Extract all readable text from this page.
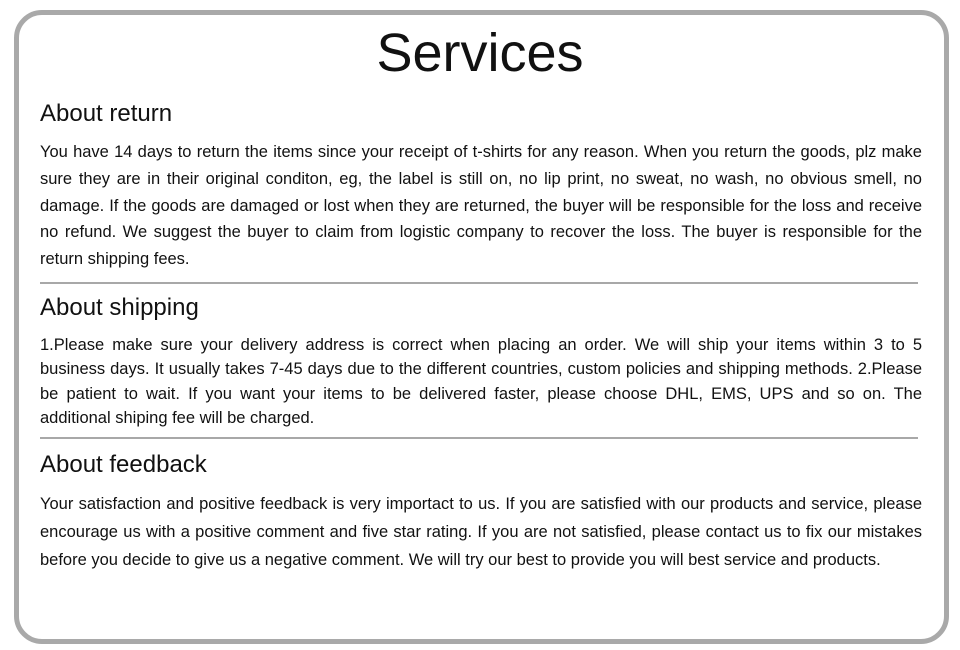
Services
About return

You have 14 days to return the items since your receipt of t-shirts for any reason. When you return the goods, plz make sure they are in their original conditon, eg, the label is still on, no lip print, no sweat, no wash, no obvious smell, no damage. If the goods are damaged or lost when they are returned, the buyer will be responsible for the loss and receive no refund. We suggest the buyer to claim from logistic company to recover the loss. The buyer is responsible for the return shipping fees.

About shipping

1.Please make sure your delivery address is correct when placing an order. We will ship your items within 3 to 5 business days. It usually takes 7-45 days due to the different countries, custom policies and shipping methods. 2.Please be patient to wait. If you want your items to be delivered faster, please choose DHL, EMS, UPS and so on. The additional shiping fee will be charged.

About feedback

Your satisfaction and positive feedback is very importact to us. If you are satisfied with our products and service, please encourage us with a positive comment and five star rating. If you are not satisfied, please contact us to fix our mistakes before you decide to give us a negative comment. We will try our best to provide you will best service and products.
